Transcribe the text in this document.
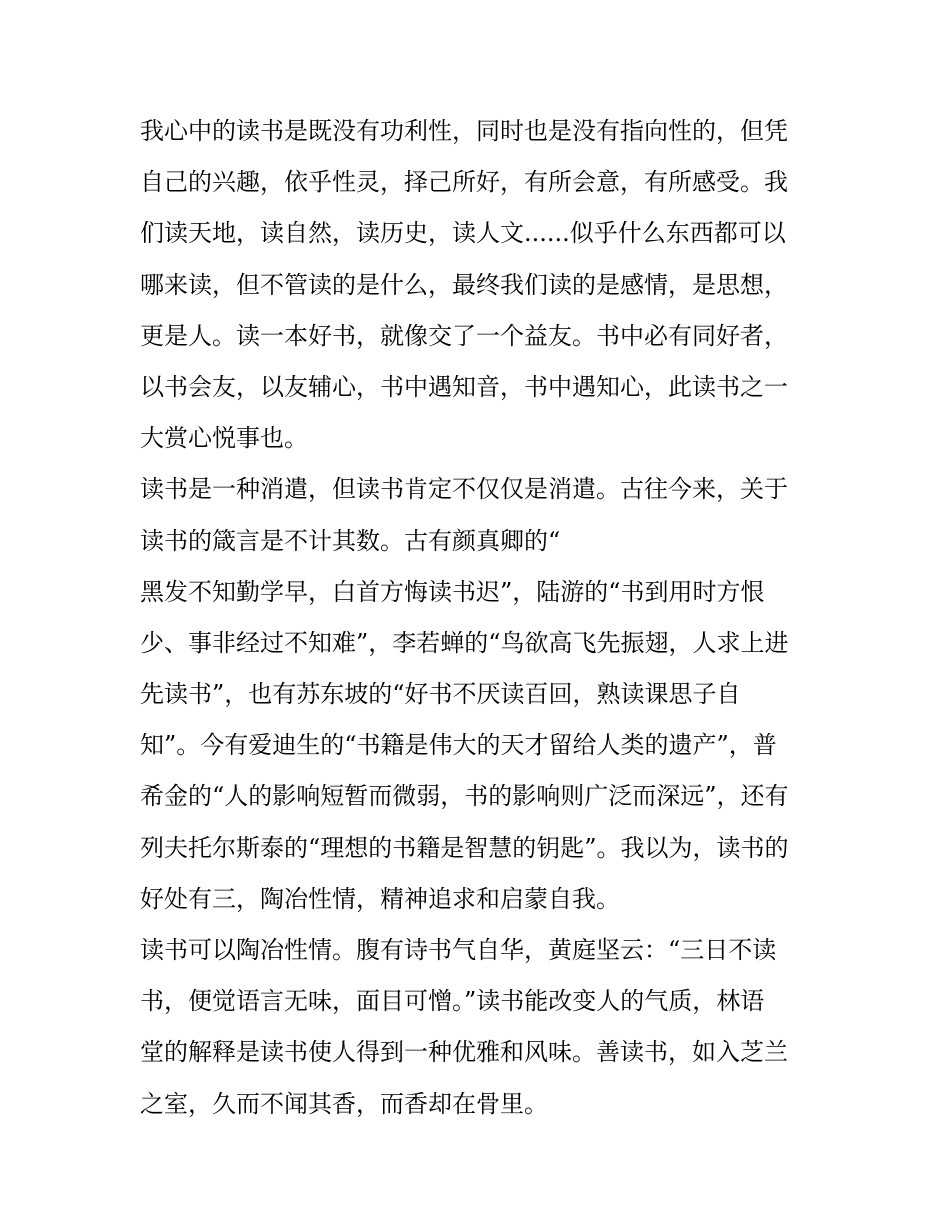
我心中的读书是既没有功利性，同时也是没有指向性的，但凭
自己的兴趣，依乎性灵，择己所好，有所会意，有所感受。我
们读天地，读自然，读历史，读人文......似乎什么东西都可以
哪来读，但不管读的是什么，最终我们读的是感情，是思想，
更是人。读一本好书，就像交了一个益友。书中必有同好者，
以书会友，以友辅心，书中遇知音，书中遇知心，此读书之一
大赏心悦事也。
读书是一种消遣，但读书肯定不仅仅是消遣。古往今来，关于
读书的箴言是不计其数。古有颜真卿的“
黑发不知勤学早，白首方悔读书迟”，陆游的“书到用时方恨
少、事非经过不知难”，李若蝉的“鸟欲高飞先振翅，人求上进
先读书”，也有苏东坡的“好书不厌读百回，熟读课思子自
知”。今有爱迪生的“书籍是伟大的天才留给人类的遗产”，普
希金的“人的影响短暂而微弱，书的影响则广泛而深远”，还有
列夫托尔斯泰的“理想的书籍是智慧的钥匙”。我以为，读书的
好处有三，陶冶性情，精神追求和启蒙自我。
读书可以陶冶性情。腹有诗书气自华，黄庭坚云：“三日不读
书，便觉语言无味，面目可憎。”读书能改变人的气质，林语
堂的解释是读书使人得到一种优雅和风味。善读书，如入芝兰
之室，久而不闻其香，而香却在骨里。
